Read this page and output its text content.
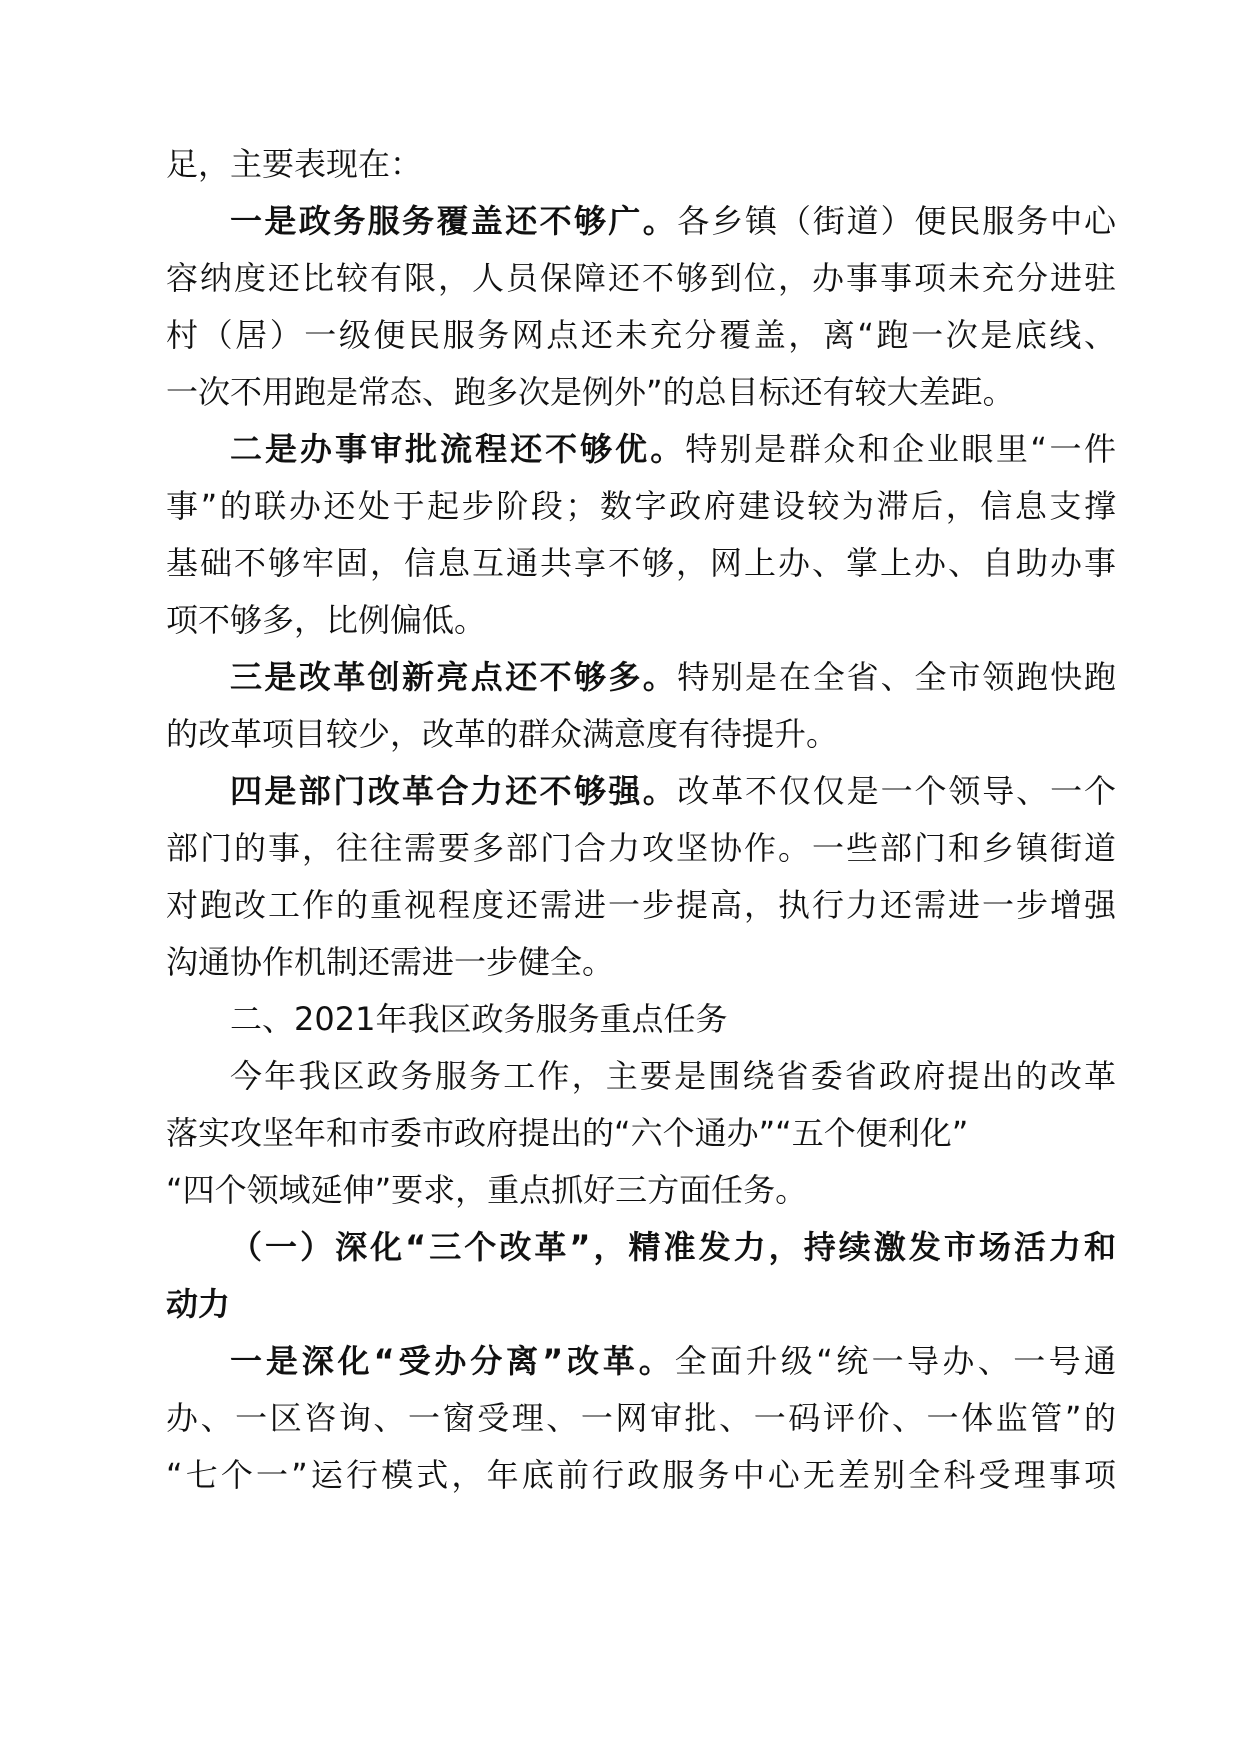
足，主要表现在：
一是政务服务覆盖还不够广。各乡镇（街道）便民服务中心
容纳度还比较有限，人员保障还不够到位，办事事项未充分进驻
村（居）一级便民服务网点还未充分覆盖，离“跑一次是底线、
一次不用跑是常态、跑多次是例外”的总目标还有较大差距。
二是办事审批流程还不够优。特别是群众和企业眼里“一件
事”的联办还处于起步阶段；数字政府建设较为滞后，信息支撑
基础不够牢固，信息互通共享不够，网上办、掌上办、自助办事
项不够多，比例偏低。
三是改革创新亮点还不够多。特别是在全省、全市领跑快跑
的改革项目较少，改革的群众满意度有待提升。
四是部门改革合力还不够强。改革不仅仅是一个领导、一个
部门的事，往往需要多部门合力攻坚协作。一些部门和乡镇街道
对跑改工作的重视程度还需进一步提高，执行力还需进一步增强
沟通协作机制还需进一步健全。
二、2021年我区政务服务重点任务
今年我区政务服务工作，主要是围绕省委省政府提出的改革
落实攻坚年和市委市政府提出的“六个通办”“五个便利化”
“四个领域延伸”要求，重点抓好三方面任务。
（一）深化“三个改革”，精准发力，持续激发市场活力和
动力
一是深化“受办分离”改革。全面升级“统一导办、一号通
办、一区咨询、一窗受理、一网审批、一码评价、一体监管”的
“七个一”运行模式，年底前行政服务中心无差别全科受理事项
